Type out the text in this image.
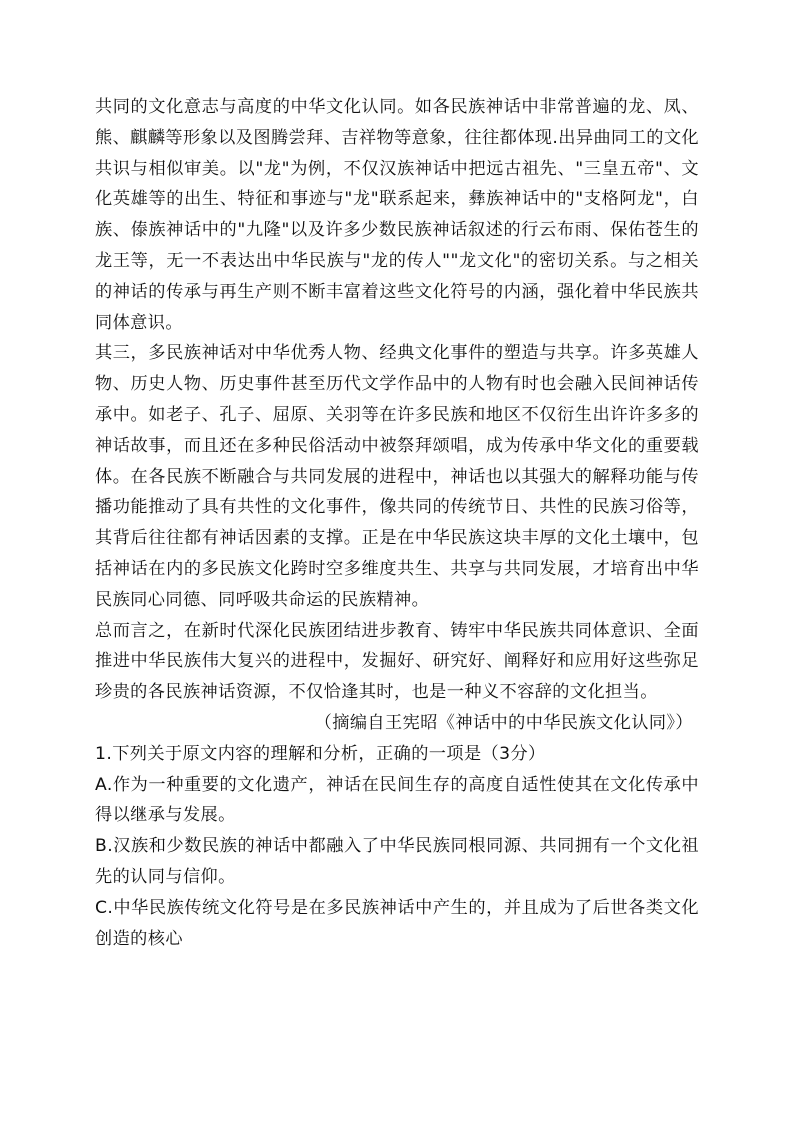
共同的文化意志与高度的中华文化认同。如各民族神话中非常普遍的龙、凤、熊、麒麟等形象以及图腾尝拜、吉祥物等意象，往往都体现.出异曲同工的文化共识与相似审美。以"龙"为例，不仅汉族神话中把远古祖先、"三皇五帝"、文化英雄等的出生、特征和事迹与"龙"联系起来，彝族神话中的"支格阿龙"，白族、傣族神话中的"九隆"以及许多少数民族神话叙述的行云布雨、保佑苍生的龙王等，无一不表达出中华民族与"龙的传人""龙文化"的密切关系。与之相关的神话的传承与再生产则不断丰富着这些文化符号的内涵，强化着中华民族共同体意识。

其三，多民族神话对中华优秀人物、经典文化事件的塑造与共享。许多英雄人物、历史人物、历史事件甚至历代文学作品中的人物有时也会融入民间神话传承中。如老子、孔子、屈原、关羽等在许多民族和地区不仅衍生出许许多多的神话故事，而且还在多种民俗活动中被祭拜颂唱，成为传承中华文化的重要载体。在各民族不断融合与共同发展的进程中，神话也以其强大的解释功能与传播功能推动了具有共性的文化事件，像共同的传统节日、共性的民族习俗等，其背后往往都有神话因素的支撑。正是在中华民族这块丰厚的文化土壤中，包括神话在内的多民族文化跨时空多维度共生、共享与共同发展，才培育出中华民族同心同德、同呼吸共命运的民族精神。

总而言之，在新时代深化民族团结进步教育、铸牢中华民族共同体意识、全面推进中华民族伟大复兴的进程中，发掘好、研究好、阐释好和应用好这些弥足珍贵的各民族神话资源，不仅恰逢其时，也是一种义不容辞的文化担当。

（摘编自王宪昭《神话中的中华民族文化认同》）

1.下列关于原文内容的理解和分析，正确的一项是（3分）

A.作为一种重要的文化遗产，神话在民间生存的高度自适性使其在文化传承中得以继承与发展。

B.汉族和少数民族的神话中都融入了中华民族同根同源、共同拥有一个文化祖先的认同与信仰。

C.中华民族传统文化符号是在多民族神话中产生的，并且成为了后世各类文化创造的核心
